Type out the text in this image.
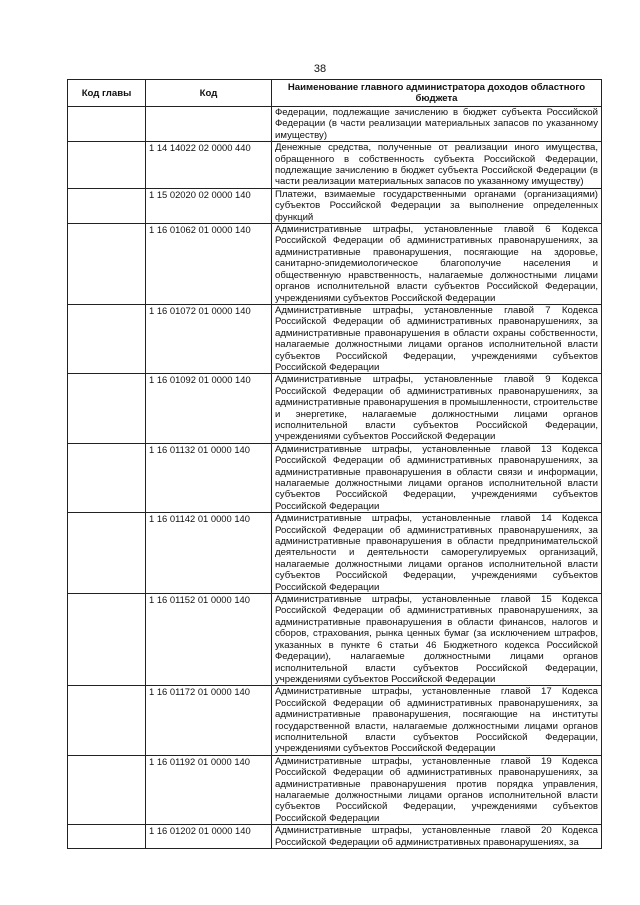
38
Код главы	Код	Наименование главного администратора доходов областного бюджета
		Федерации, подлежащие зачислению в бюджет субъекта Российской Федерации (в части реализации материальных запасов по указанному имуществу)
	1 14 14022 02 0000 440	Денежные средства, полученные от реализации иного имущества, обращенного в собственность субъекта Российской Федерации, подлежащие зачислению в бюджет субъекта Российской Федерации (в части реализации материальных запасов по указанному имуществу)
	1 15 02020 02 0000 140	Платежи, взимаемые государственными органами (организациями) субъектов Российской Федерации за выполнение определенных функций
	1 16 01062 01 0000 140	Административные штрафы, установленные главой 6 Кодекса Российской Федерации об административных правонарушениях, за административные правонарушения, посягающие на здоровье, санитарно-эпидемиологическое благополучие населения и общественную нравственность, налагаемые должностными лицами органов исполнительной власти субъектов Российской Федерации, учреждениями субъектов Российской Федерации
	1 16 01072 01 0000 140	Административные штрафы, установленные главой 7 Кодекса Российской Федерации об административных правонарушениях, за административные правонарушения в области охраны собственности, налагаемые должностными лицами органов исполнительной власти субъектов Российской Федерации, учреждениями субъектов Российской Федерации
	1 16 01092 01 0000 140	Административные штрафы, установленные главой 9 Кодекса Российской Федерации об административных правонарушениях, за административные правонарушения в промышленности, строительстве и энергетике, налагаемые должностными лицами органов исполнительной власти субъектов Российской Федерации, учреждениями субъектов Российской Федерации
	1 16 01132 01 0000 140	Административные штрафы, установленные главой 13 Кодекса Российской Федерации об административных правонарушениях, за административные правонарушения в области связи и информации, налагаемые должностными лицами органов исполнительной власти субъектов Российской Федерации, учреждениями субъектов Российской Федерации
	1 16 01142 01 0000 140	Административные штрафы, установленные главой 14 Кодекса Российской Федерации об административных правонарушениях, за административные правонарушения в области предпринимательской деятельности и деятельности саморегулируемых организаций, налагаемые должностными лицами органов исполнительной власти субъектов Российской Федерации, учреждениями субъектов Российской Федерации
	1 16 01152 01 0000 140	Административные штрафы, установленные главой 15 Кодекса Российской Федерации об административных правонарушениях, за административные правонарушения в области финансов, налогов и сборов, страхования, рынка ценных бумаг (за исключением штрафов, указанных в пункте 6 статьи 46 Бюджетного кодекса Российской Федерации), налагаемые должностными лицами органов исполнительной власти субъектов Российской Федерации, учреждениями субъектов Российской Федерации
	1 16 01172 01 0000 140	Административные штрафы, установленные главой 17 Кодекса Российской Федерации об административных правонарушениях, за административные правонарушения, посягающие на институты государственной власти, налагаемые должностными лицами органов исполнительной власти субъектов Российской Федерации, учреждениями субъектов Российской Федерации
	1 16 01192 01 0000 140	Административные штрафы, установленные главой 19 Кодекса Российской Федерации об административных правонарушениях, за административные правонарушения против порядка управления, налагаемые должностными лицами органов исполнительной власти субъектов Российской Федерации, учреждениями субъектов Российской Федерации
	1 16 01202 01 0000 140	Административные штрафы, установленные главой 20 Кодекса Российской Федерации об административных правонарушениях, за
